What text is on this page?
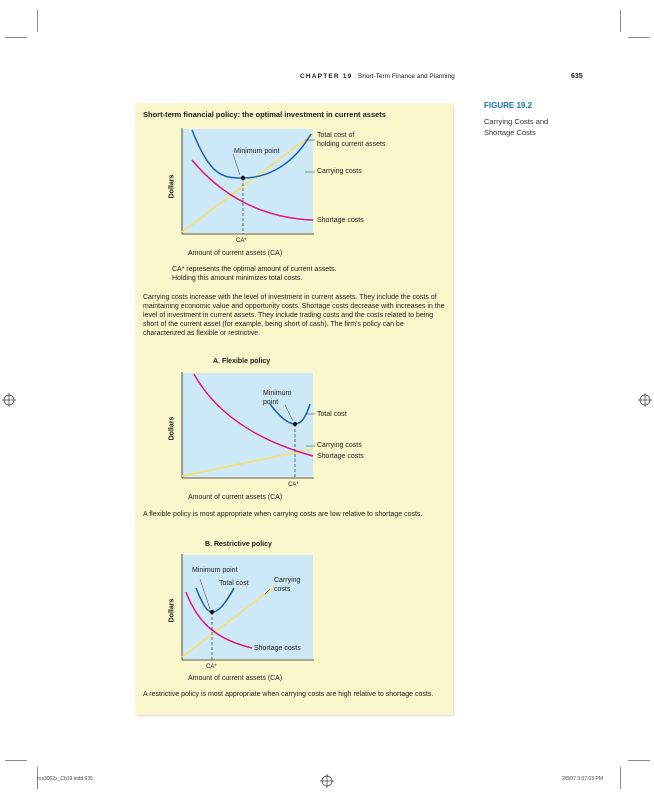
CHAPTER 19 Short-Term Finance and Planning	635
FIGURE 19.2
Carrying Costs and Shortage Costs
Short-term financial policy: the optimal investment in current assets
Dollars
Total cost of
holding current assets
Minimum point
Carrying costs
Shortage costs
CA*
Amount of current assets (CA)
CA* represents the optimal amount of current assets.
Holding this amount minimizes total costs.
Carrying costs increase with the level of investment in current assets. They include the costs of maintaining economic value and opportunity costs. Shortage costs decrease with increases in the level of investment in current assets. They include trading costs and the costs related to being short of the current asset (for example, being short of cash). The firm's policy can be characterized as flexible or restrictive.
A. Flexible policy
Dollars
Minimum
point
Total cost
Carrying costs
Shortage costs
CA*
Amount of current assets (CA)
A flexible policy is most appropriate when carrying costs are low relative to shortage costs.
B. Restrictive policy
Dollars
Minimum point
Total cost	Carrying
costs
Shortage costs
CA*
Amount of current assets (CA)
A restrictive policy is most appropriate when carrying costs are high relative to shortage costs.
ros3062x_Ch19.indd 635	2/8/07 3:07:03 PM
